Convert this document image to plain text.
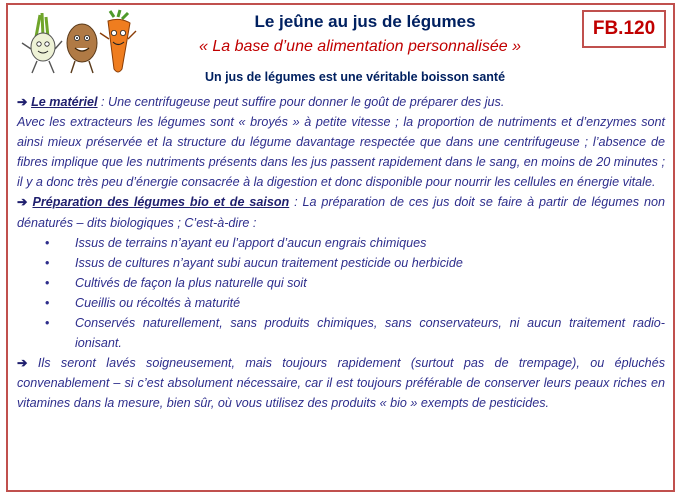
Le jeûne au jus de légumes
« La base d’une alimentation personnalisée »
FB.120
Un jus de légumes est une véritable boisson santé

➔ Le matériel : Une centrifugeuse peut suffire pour donner le goût de préparer des jus.

Avec les extracteurs les légumes sont « broyés » à petite vitesse ; la proportion de nutriments et d’enzymes sont ainsi mieux préservée et la structure du légume davantage respectée que dans une centrifugeuse ; l’absence de fibres implique que les nutriments présents dans les jus passent rapidement dans le sang, en moins de 20 minutes ; il y a donc très peu d’énergie consacrée à la digestion et donc disponible pour nourrir les cellules en énergie vitale.

➔ Préparation des légumes bio et de saison : La préparation de ces jus doit se faire à partir de légumes non dénaturés – dits biologiques ; C’est-à-dire :

• Issus de terrains n’ayant eu l’apport d’aucun engrais chimiques
• Issus de cultures n’ayant subi aucun traitement pesticide ou herbicide
• Cultivés de façon la plus naturelle qui soit
• Cueillis ou récoltés à maturité
• Conservés naturellement, sans produits chimiques, sans conservateurs, ni aucun traitement radio-ionisant.

➔ Ils seront lavés soigneusement, mais toujours rapidement (surtout pas de trempage), ou épluchés convenablement – si c’est absolument nécessaire, car il est toujours préférable de conserver leurs peaux riches en vitamines dans la mesure, bien sûr, où vous utilisez des produits « bio » exempts de pesticides.
